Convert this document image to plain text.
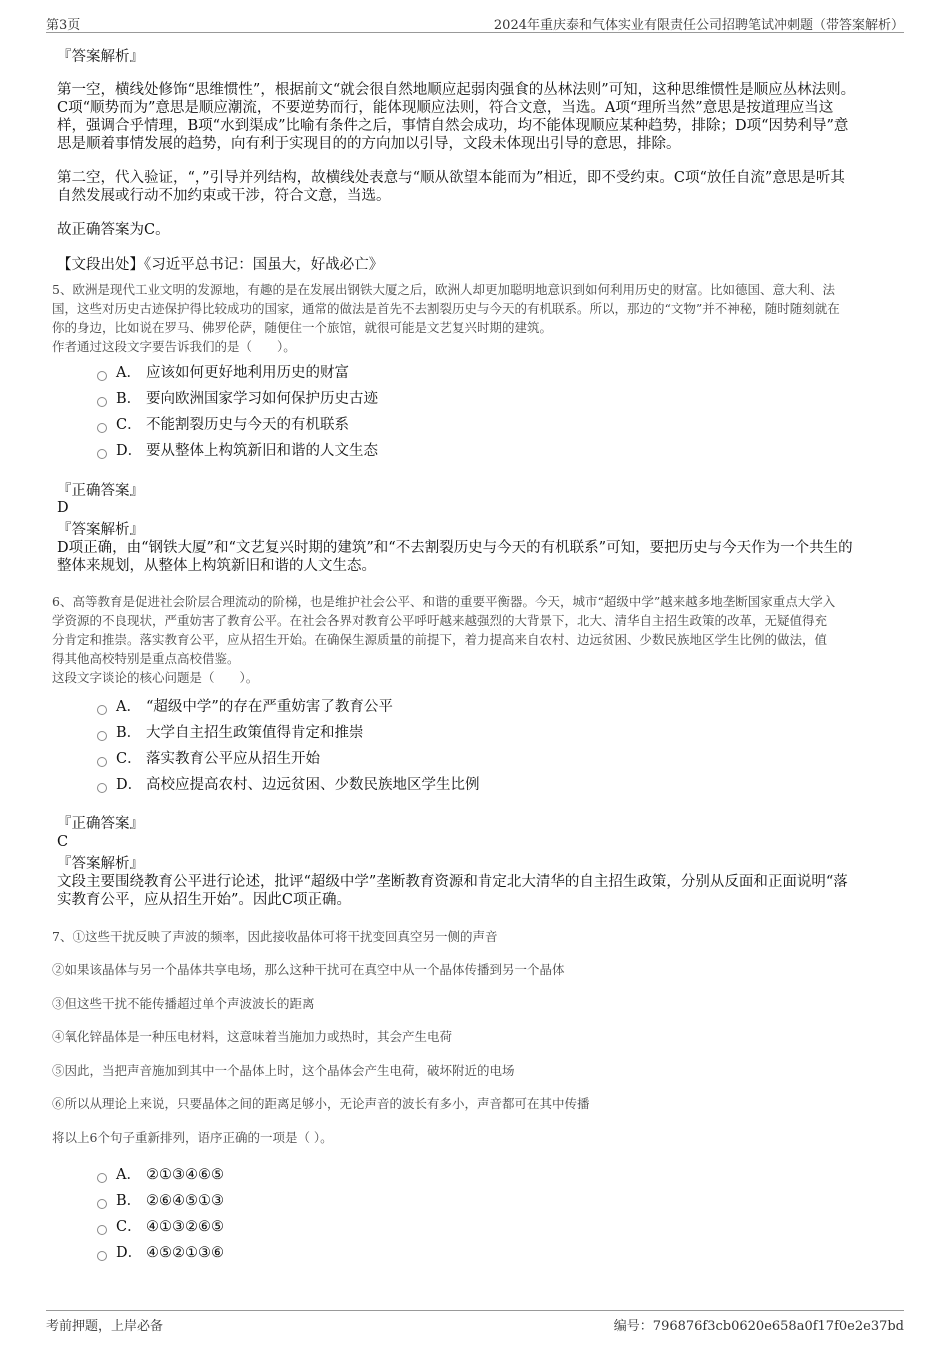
第3页	2024年重庆泰和气体实业有限责任公司招聘笔试冲刺题（带答案解析）

『答案解析』

第一空，横线处修饰“思维惯性”，根据前文“就会很自然地顺应起弱肉强食的丛林法则”可知，这种思维惯性是顺应丛林法则。

C项“顺势而为”意思是顺应潮流，不要逆势而行，能体现顺应法则，符合文意，当选。A项“理所当然”意思是按道理应当这

样，强调合乎情理，B项“水到渠成”比喻有条件之后，事情自然会成功，均不能体现顺应某种趋势，排除；D项“因势利导”意

思是顺着事情发展的趋势，向有利于实现目的的方向加以引导，文段未体现出引导的意思，排除。

第二空，代入验证，“，”引导并列结构，故横线处表意与“顺从欲望本能而为”相近，即不受约束。C项“放任自流”意思是听其

自然发展或行动不加约束或干涉，符合文意，当选。

故正确答案为C。

【文段出处】《习近平总书记：国虽大，好战必亡》

5、欧洲是现代工业文明的发源地，有趣的是在发展出钢铁大厦之后，欧洲人却更加聪明地意识到如何利用历史的财富。比如德国、意大利、法

国，这些对历史古迹保护得比较成功的国家，通常的做法是首先不去割裂历史与今天的有机联系。所以，那边的“文物”并不神秘，随时随刻就在

你的身边，比如说在罗马、佛罗伦萨，随便住一个旅馆，就很可能是文艺复兴时期的建筑。

作者通过这段文字要告诉我们的是（　　）。

A． 应该如何更好地利用历史的财富
B． 要向欧洲国家学习如何保护历史古迹
C． 不能割裂历史与今天的有机联系
D． 要从整体上构筑新旧和谐的人文生态

『正确答案』

D

『答案解析』

D项正确，由“钢铁大厦”和“文艺复兴时期的建筑”和“不去割裂历史与今天的有机联系”可知，要把历史与今天作为一个共生的

整体来规划，从整体上构筑新旧和谐的人文生态。

6、高等教育是促进社会阶层合理流动的阶梯，也是维护社会公平、和谐的重要平衡器。今天，城市“超级中学”越来越多地垄断国家重点大学入

学资源的不良现状，严重妨害了教育公平。在社会各界对教育公平呼吁越来越强烈的大背景下，北大、清华自主招生政策的改革，无疑值得充

分肯定和推崇。落实教育公平，应从招生开始。在确保生源质量的前提下，着力提高来自农村、边远贫困、少数民族地区学生比例的做法，值

得其他高校特别是重点高校借鉴。

这段文字谈论的核心问题是（　　）。

A． “超级中学”的存在严重妨害了教育公平
B． 大学自主招生政策值得肯定和推崇
C． 落实教育公平应从招生开始
D． 高校应提高农村、边远贫困、少数民族地区学生比例

『正确答案』

C

『答案解析』

文段主要围绕教育公平进行论述，批评“超级中学”垄断教育资源和肯定北大清华的自主招生政策，分别从反面和正面说明“落

实教育公平，应从招生开始”。因此C项正确。

7、①这些干扰反映了声波的频率，因此接收晶体可将干扰变回真空另一侧的声音

②如果该晶体与另一个晶体共享电场，那么这种干扰可在真空中从一个晶体传播到另一个晶体

③但这些干扰不能传播超过单个声波波长的距离

④氧化锌晶体是一种压电材料，这意味着当施加力或热时，其会产生电荷

⑤因此，当把声音施加到其中一个晶体上时，这个晶体会产生电荷，破坏附近的电场

⑥所以从理论上来说，只要晶体之间的距离足够小，无论声音的波长有多小，声音都可在其中传播

将以上6个句子重新排列，语序正确的一项是（ ）。

A． ②①③④⑥⑤
B． ②⑥④⑤①③
C． ④①③②⑥⑤
D． ④⑤②①③⑥
考前押题，上岸必备	编号：796876f3cb0620e658a0f17f0e2e37bd
